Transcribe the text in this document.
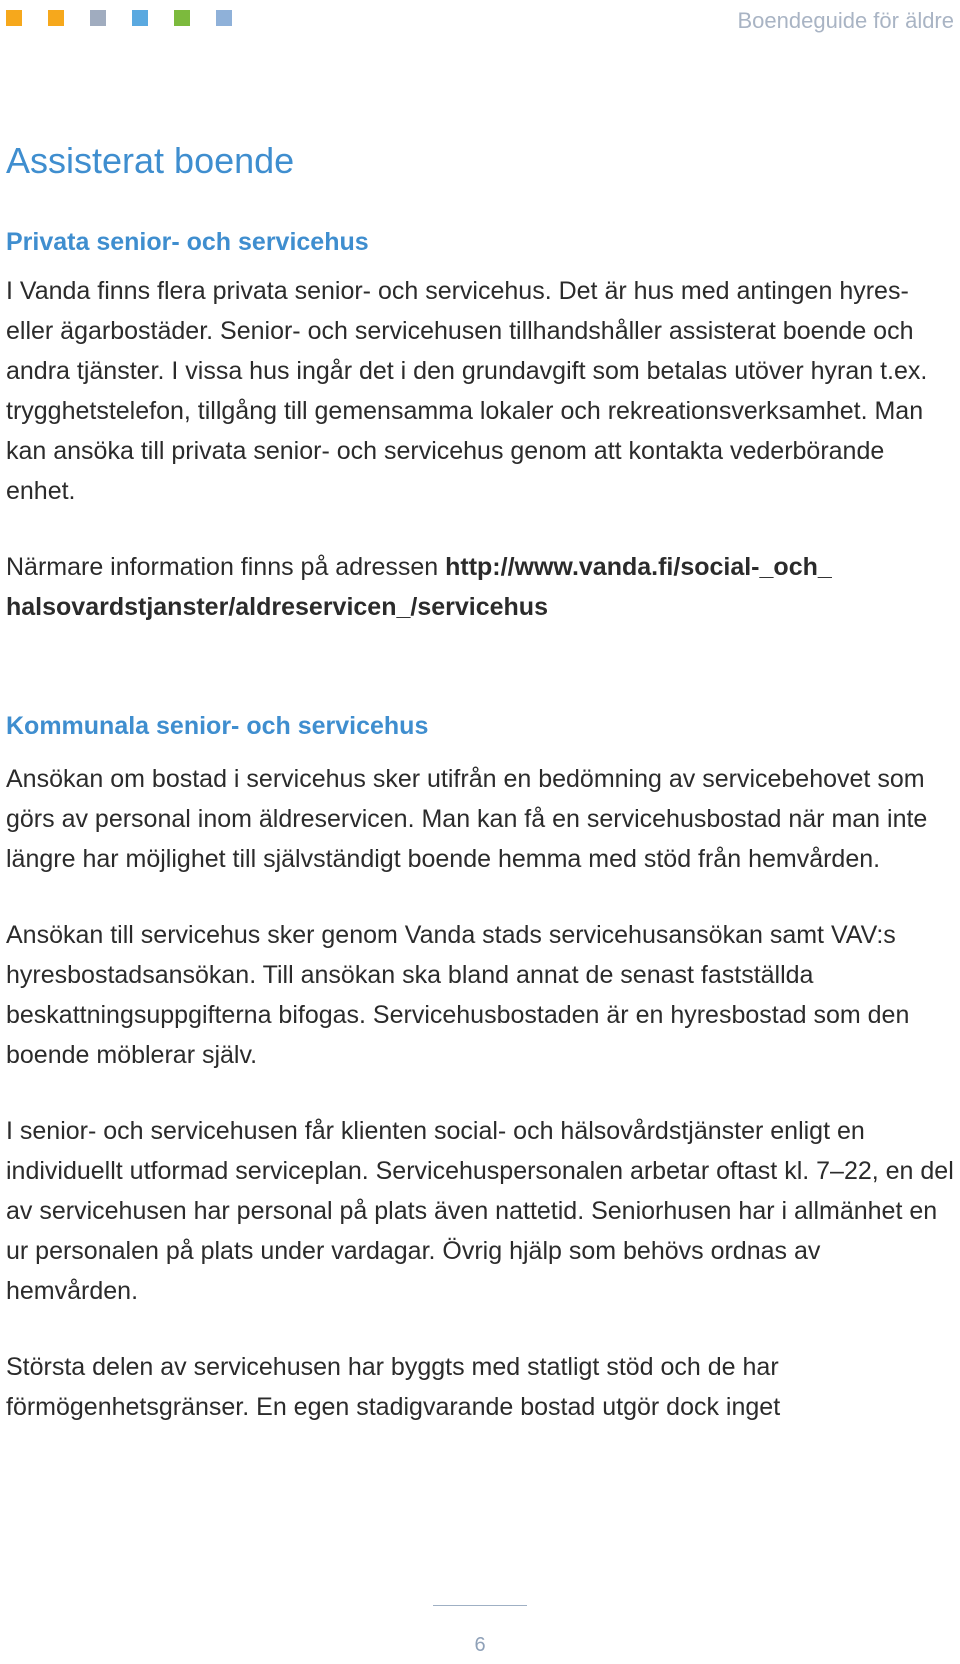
Boendeguide för äldre
Assisterat boende
Privata senior- och servicehus

I Vanda finns flera privata senior- och servicehus. Det är hus med antingen hyres- eller ägarbostäder. Senior- och servicehusen tillhandshåller assisterat boende och andra tjänster. I vissa hus ingår det i den grundavgift som betalas utöver hyran t.ex. trygghetstelefon, tillgång till gemensamma lokaler och rekreationsverksamhet. Man kan ansöka till privata senior- och servicehus genom att kontakta vederbörande enhet.

Närmare information finns på adressen http://www.vanda.fi/social-_och_halsovardstjanster/aldreservicen_/servicehus

Kommunala senior- och servicehus

Ansökan om bostad i servicehus sker utifrån en bedömning av servicebehovet som görs av personal inom äldreservicen. Man kan få en servicehusbostad när man inte längre har möjlighet till självständigt boende hemma med stöd från hemvården.

Ansökan till servicehus sker genom Vanda stads servicehusansökan samt VAV:s hyresbostadsansökan. Till ansökan ska bland annat de senast fastställda beskattningsuppgifterna bifogas. Servicehusbostaden är en hyresbostad som den boende möblerar själv.

I senior- och servicehusen får klienten social- och hälsovårdstjänster enligt en individuellt utformad serviceplan. Servicehuspersonalen arbetar oftast kl. 7–22, en del av servicehusen har personal på plats även nattetid. Seniorhusen har i allmänhet en ur personalen på plats under vardagar. Övrig hjälp som behövs ordnas av hemvården.

Största delen av servicehusen har byggts med statligt stöd och de har förmögenhetsgränser. En egen stadigvarande bostad utgör dock inget

6
